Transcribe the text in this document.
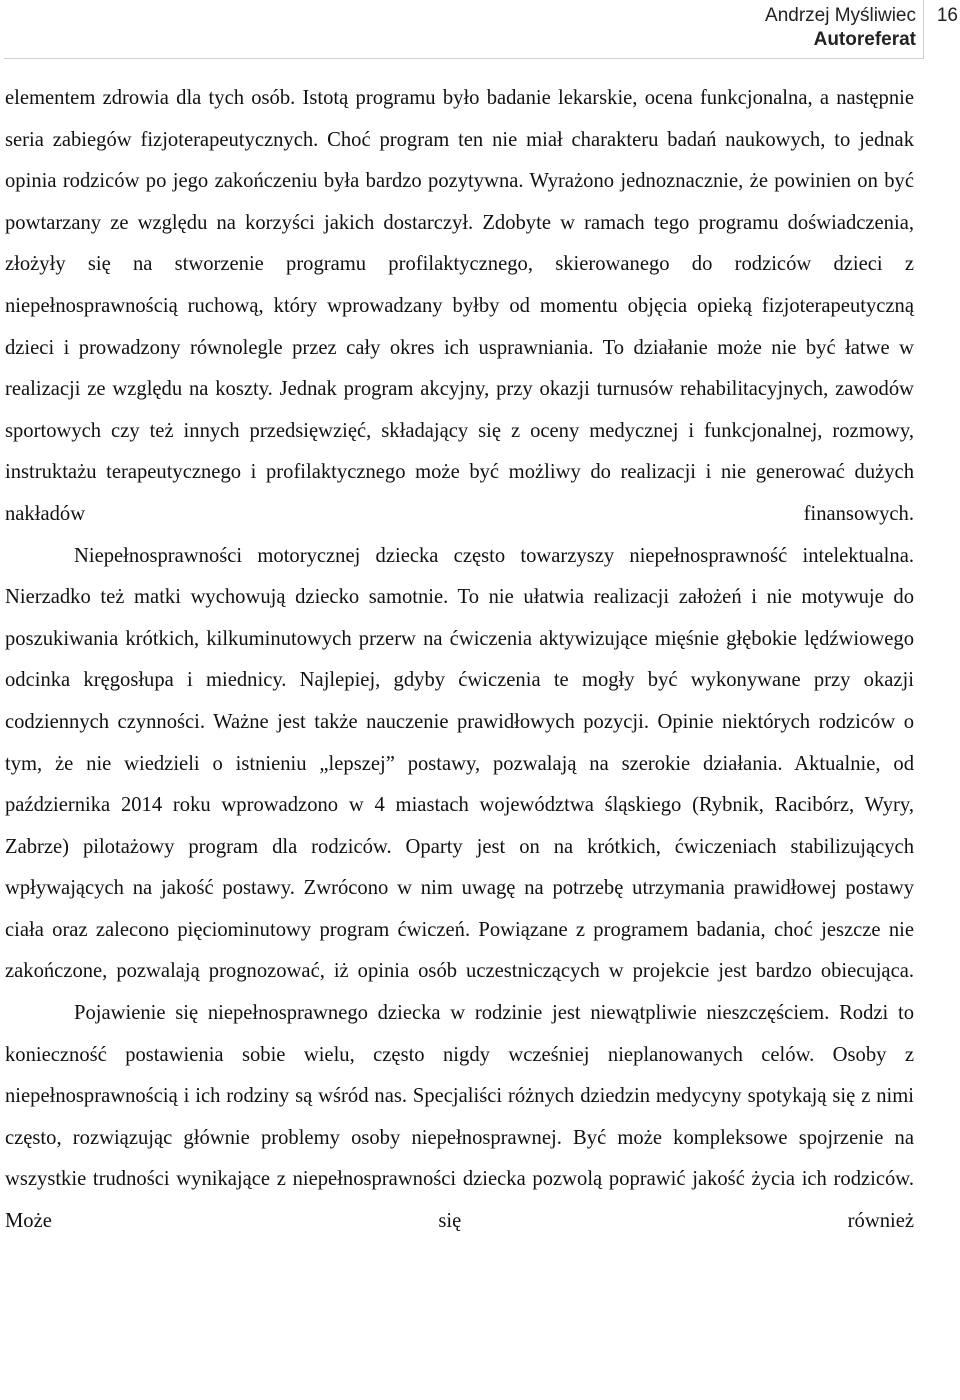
Andrzej Myśliwiec
Autoreferat
16

elementem zdrowia dla tych osób. Istotą programu było badanie lekarskie, ocena funkcjonalna, a następnie seria zabiegów fizjoterapeutycznych. Choć program ten nie miał charakteru badań naukowych, to jednak opinia rodziców po jego zakończeniu była bardzo pozytywna. Wyrażono jednoznacznie, że powinien on być powtarzany ze względu na korzyści jakich dostarczył. Zdobyte w ramach tego programu doświadczenia, złożyły się na stworzenie programu profilaktycznego, skierowanego do rodziców dzieci z niepełnosprawnością ruchową, który wprowadzany byłby od momentu objęcia opieką fizjoterapeutyczną dzieci i prowadzony równolegle przez cały okres ich usprawniania. To działanie może nie być łatwe w realizacji ze względu na koszty. Jednak program akcyjny, przy okazji turnusów rehabilitacyjnych, zawodów sportowych czy też innych przedsięwzięć, składający się z oceny medycznej i funkcjonalnej, rozmowy, instruktażu terapeutycznego i profilaktycznego może być możliwy do realizacji i nie generować dużych nakładów finansowych.

Niepełnosprawności motorycznej dziecka często towarzyszy niepełnosprawność intelektualna. Nierzadko też matki wychowują dziecko samotnie. To nie ułatwia realizacji założeń i nie motywuje do poszukiwania krótkich, kilkuminutowych przerw na ćwiczenia aktywizujące mięśnie głębokie lędźwiowego odcinka kręgosłupa i miednicy. Najlepiej, gdyby ćwiczenia te mogły być wykonywane przy okazji codziennych czynności. Ważne jest także nauczenie prawidłowych pozycji. Opinie niektórych rodziców o tym, że nie wiedzieli o istnieniu „lepszej” postawy, pozwalają na szerokie działania. Aktualnie, od października 2014 roku wprowadzono w 4 miastach województwa śląskiego (Rybnik, Racibórz, Wyry, Zabrze) pilotażowy program dla rodziców. Oparty jest on na krótkich, ćwiczeniach stabilizujących wpływających na jakość postawy. Zwrócono w nim uwagę na potrzebę utrzymania prawidłowej postawy ciała oraz zalecono pięciominutowy program ćwiczeń. Powiązane z programem badania, choć jeszcze nie zakończone, pozwalają prognozować, iż opinia osób uczestniczących w projekcie jest bardzo obiecująca.

Pojawienie się niepełnosprawnego dziecka w rodzinie jest niewątpliwie nieszczęściem. Rodzi to konieczność postawienia sobie wielu, często nigdy wcześniej nieplanowanych celów. Osoby z niepełnosprawnością i ich rodziny są wśród nas. Specjaliści różnych dziedzin medycyny spotykają się z nimi często, rozwiązując głównie problemy osoby niepełnosprawnej. Być może kompleksowe spojrzenie na wszystkie trudności wynikające z niepełnosprawności dziecka pozwolą poprawić jakość życia ich rodziców. Może się również
